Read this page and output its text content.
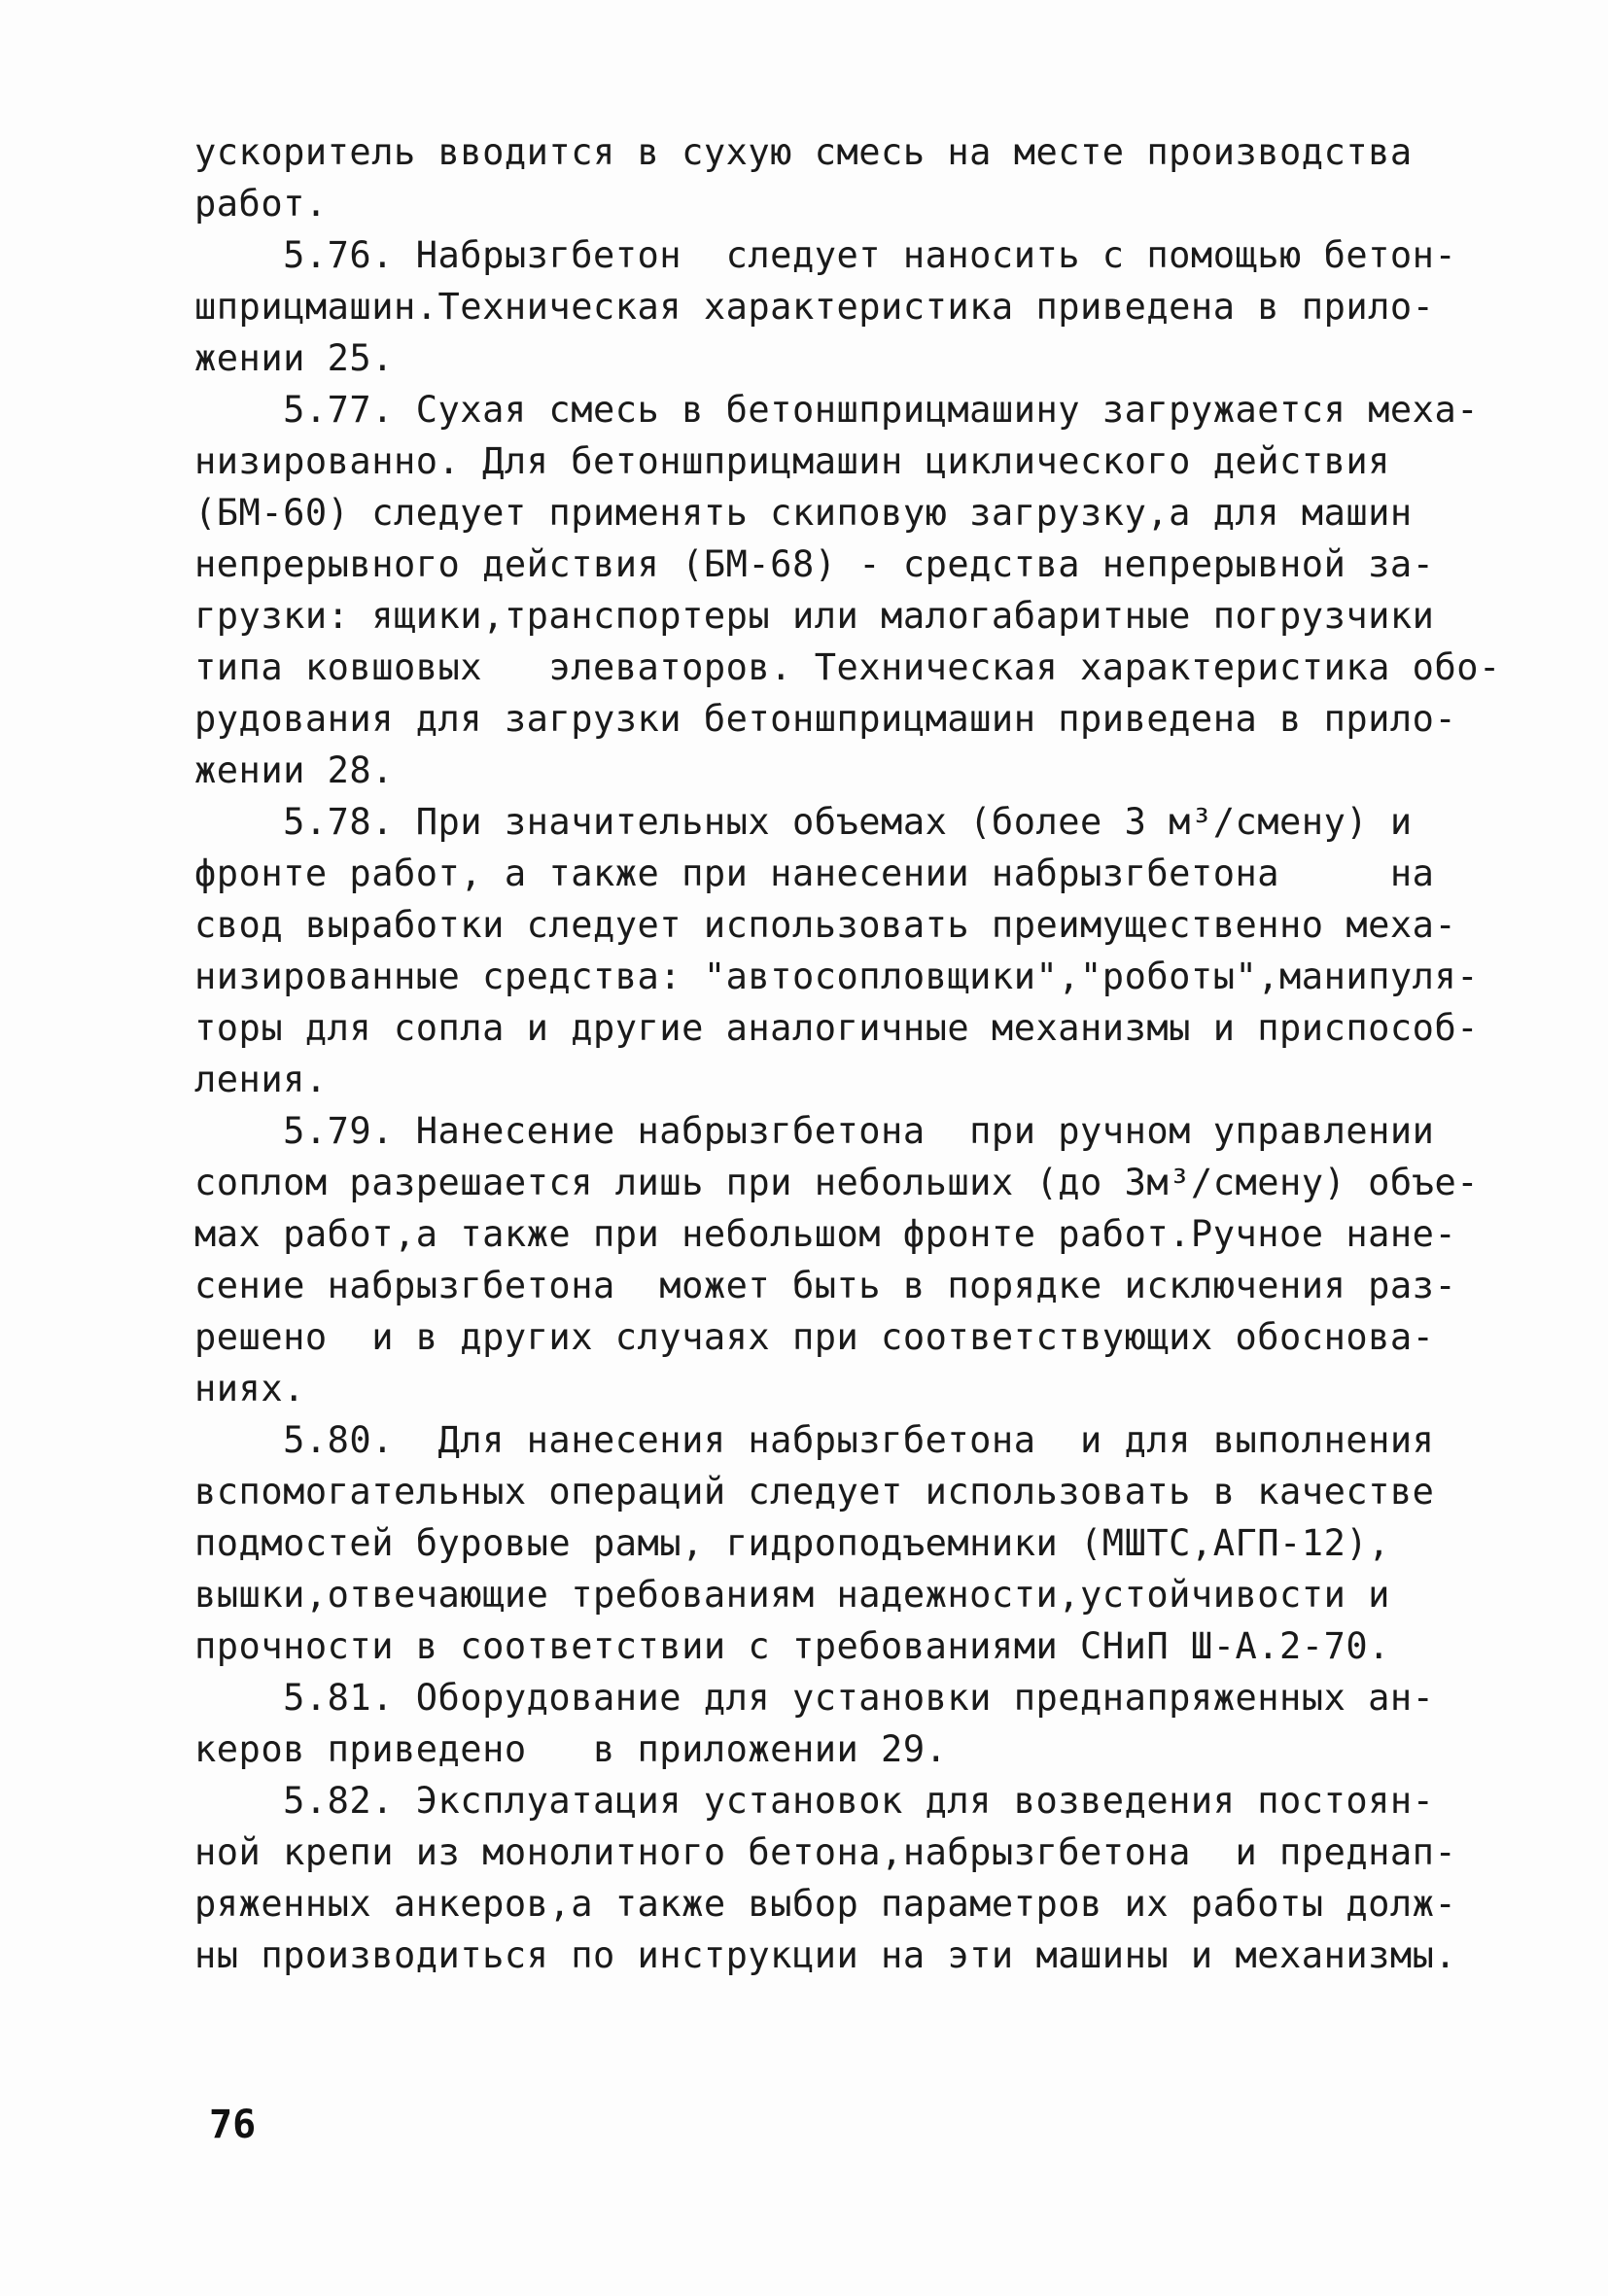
ускоритель вводится в сухую смесь на месте производства
работ.
5.76. Набрызгбетон  следует наносить с помощью бетон-
шприцмашин.Техническая характеристика приведена в прило-
жении 25.
5.77. Сухая смесь в бетоншприцмашину загружается меха-
низированно. Для бетоншприцмашин циклического действия
(БМ-60) следует применять скиповую загрузку,а для машин
непрерывного действия (БМ-68) - средства непрерывной за-
грузки: ящики,транспортеры или малогабаритные погрузчики
типа ковшовых   элеваторов. Техническая характеристика обо-
рудования для загрузки бетоншприцмашин приведена в прило-
жении 28.
5.78. При значительных объемах (более 3 м³/смену) и
фронте работ, а также при нанесении набрызгбетона     на
свод выработки следует использовать преимущественно меха-
низированные средства: "автосопловщики","роботы",манипуля-
торы для сопла и другие аналогичные механизмы и приспособ-
ления.
5.79. Нанесение набрызгбетона  при ручном управлении
соплом разрешается лишь при небольших (до 3м³/смену) объе-
мах работ,а также при небольшом фронте работ.Ручное нане-
сение набрызгбетона  может быть в порядке исключения раз-
решено  и в других случаях при соответствующих обоснова-
ниях.
5.80.  Для нанесения набрызгбетона  и для выполнения
вспомогательных операций следует использовать в качестве
подмостей буровые рамы, гидроподъемники (МШТС,АГП-12),
вышки,отвечающие требованиям надежности,устойчивости и
прочности в соответствии с требованиями СНиП Ш-А.2-70.
5.81. Оборудование для установки преднапряженных ан-
керов приведено   в приложении 29.
5.82. Эксплуатация установок для возведения постоян-
ной крепи из монолитного бетона,набрызгбетона  и преднап-
ряженных анкеров,а также выбор параметров их работы долж-
ны производиться по инструкции на эти машины и механизмы.
76
